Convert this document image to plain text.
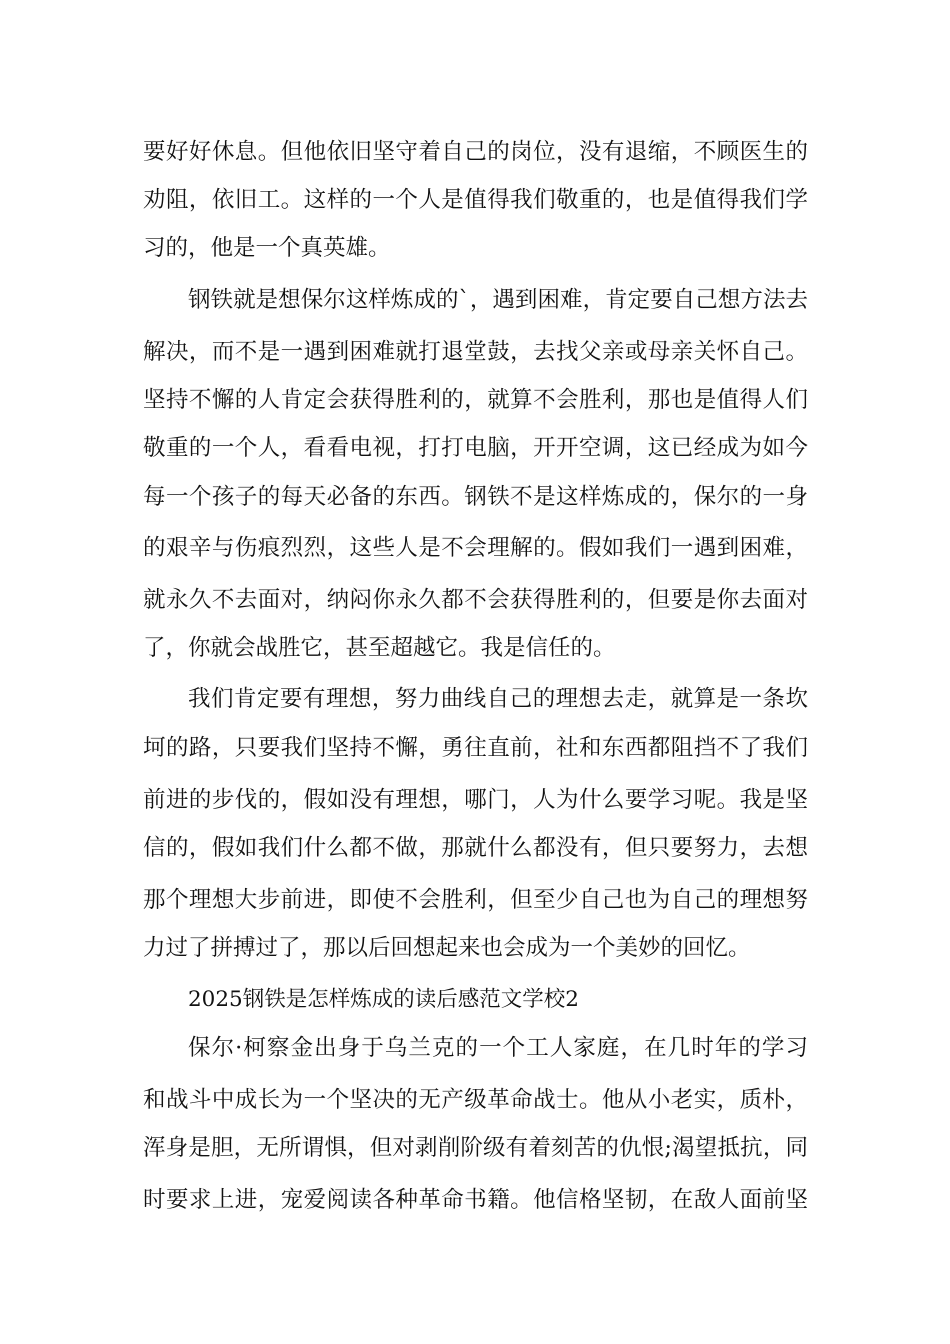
要好好休息。但他依旧坚守着自己的岗位，没有退缩，不顾医生的
劝阻，依旧工。这样的一个人是值得我们敬重的，也是值得我们学
习的，他是一个真英雄。
钢铁就是想保尔这样炼成的`，遇到困难，肯定要自己想方法去
解决，而不是一遇到困难就打退堂鼓，去找父亲或母亲关怀自己。
坚持不懈的人肯定会获得胜利的，就算不会胜利，那也是值得人们
敬重的一个人，看看电视，打打电脑，开开空调，这已经成为如今
每一个孩子的每天必备的东西。钢铁不是这样炼成的，保尔的一身
的艰辛与伤痕烈烈，这些人是不会理解的。假如我们一遇到困难，
就永久不去面对，纳闷你永久都不会获得胜利的，但要是你去面对
了，你就会战胜它，甚至超越它。我是信任的。
我们肯定要有理想，努力曲线自己的理想去走，就算是一条坎
坷的路，只要我们坚持不懈，勇往直前，社和东西都阻挡不了我们
前进的步伐的，假如没有理想，哪门，人为什么要学习呢。我是坚
信的，假如我们什么都不做，那就什么都没有，但只要努力，去想
那个理想大步前进，即使不会胜利，但至少自己也为自己的理想努
力过了拼搏过了，那以后回想起来也会成为一个美妙的回忆。
2025钢铁是怎样炼成的读后感范文学校2
保尔·柯察金出身于乌兰克的一个工人家庭，在几时年的学习
和战斗中成长为一个坚决的无产级革命战士。他从小老实，质朴，
浑身是胆，无所谓惧，但对剥削阶级有着刻苦的仇恨;渴望抵抗，同
时要求上进，宠爱阅读各种革命书籍。他信格坚韧，在敌人面前坚
